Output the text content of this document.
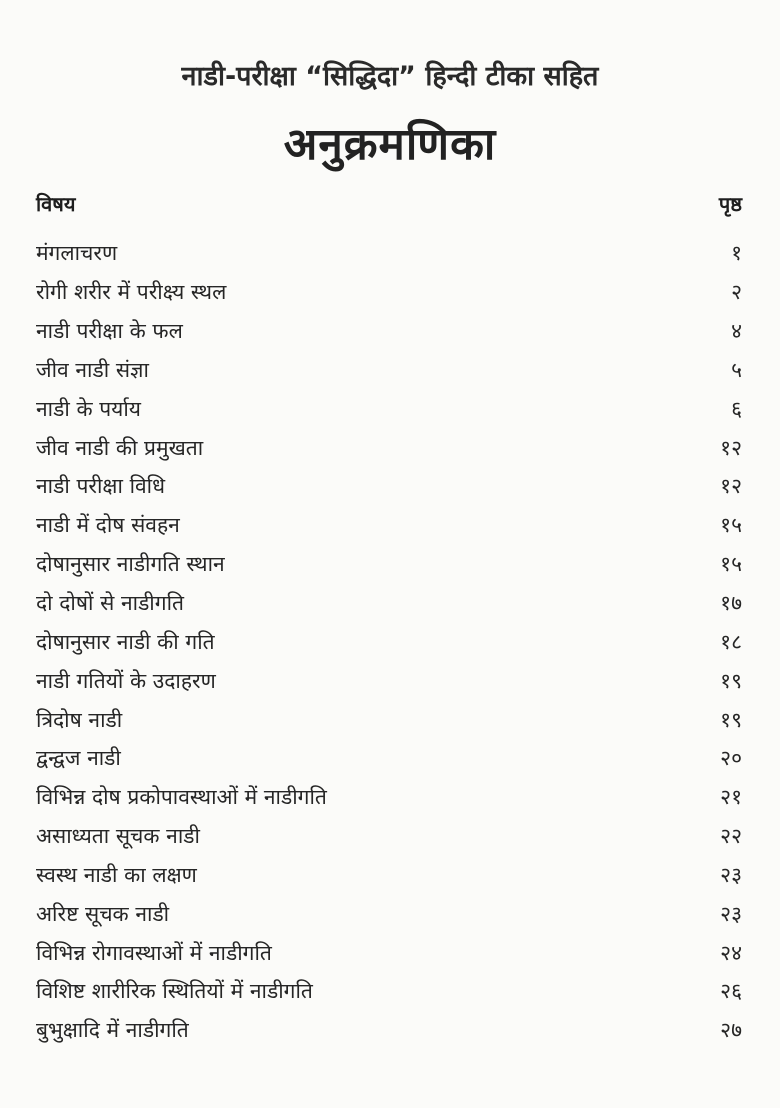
नाडी-परीक्षा “सिद्धिदा” हिन्दी टीका सहित
अनुक्रमणिका
विषय	पृष्ठ
मंगलाचरण	१
रोगी शरीर में परीक्ष्य स्थल	२
नाडी परीक्षा के फल	४
जीव नाडी संज्ञा	५
नाडी के पर्याय	६
जीव नाडी की प्रमुखता	१२
नाडी परीक्षा विधि	१२
नाडी में दोष संवहन	१५
दोषानुसार नाडीगति स्थान	१५
दो दोषों से नाडीगति	१७
दोषानुसार नाडी की गति	१८
नाडी गतियों के उदाहरण	१९
त्रिदोष नाडी	१९
द्वन्द्वज नाडी	२०
विभिन्न दोष प्रकोपावस्थाओं में नाडीगति	२१
असाध्यता सूचक नाडी	२२
स्वस्थ नाडी का लक्षण	२३
अरिष्ट सूचक नाडी	२३
विभिन्न रोगावस्थाओं में नाडीगति	२४
विशिष्ट शारीरिक स्थितियों में नाडीगति	२६
बुभुक्षादि में नाडीगति	२७
